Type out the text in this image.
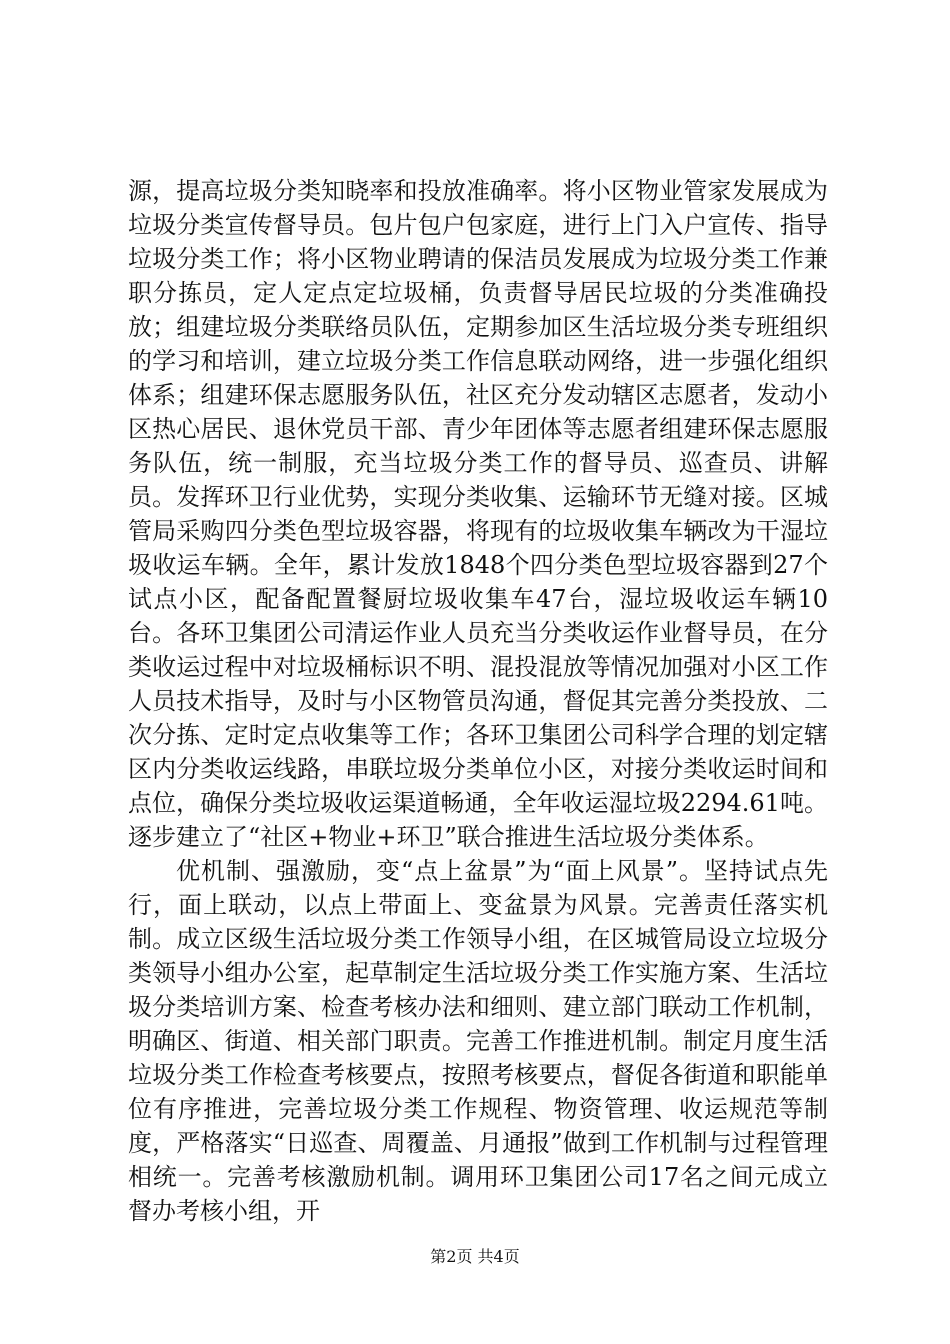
源，提高垃圾分类知晓率和投放准确率。将小区物业管家发展成为垃圾分类宣传督导员。包片包户包家庭，进行上门入户宣传、指导垃圾分类工作；将小区物业聘请的保洁员发展成为垃圾分类工作兼职分拣员，定人定点定垃圾桶，负责督导居民垃圾的分类准确投放；组建垃圾分类联络员队伍，定期参加区生活垃圾分类专班组织的学习和培训，建立垃圾分类工作信息联动网络，进一步强化组织体系；组建环保志愿服务队伍，社区充分发动辖区志愿者，发动小区热心居民、退休党员干部、青少年团体等志愿者组建环保志愿服务队伍，统一制服，充当垃圾分类工作的督导员、巡查员、讲解员。发挥环卫行业优势，实现分类收集、运输环节无缝对接。区城管局采购四分类色型垃圾容器，将现有的垃圾收集车辆改为干湿垃圾收运车辆。全年，累计发放1848个四分类色型垃圾容器到27个试点小区，配备配置餐厨垃圾收集车47台，湿垃圾收运车辆10台。各环卫集团公司清运作业人员充当分类收运作业督导员，在分类收运过程中对垃圾桶标识不明、混投混放等情况加强对小区工作人员技术指导，及时与小区物管员沟通，督促其完善分类投放、二次分拣、定时定点收集等工作；各环卫集团公司科学合理的划定辖区内分类收运线路，串联垃圾分类单位小区，对接分类收运时间和点位，确保分类垃圾收运渠道畅通，全年收运湿垃圾2294.61吨。逐步建立了“社区+物业+环卫”联合推进生活垃圾分类体系。

优机制、强激励，变“点上盆景”为“面上风景”。坚持试点先行，面上联动，以点上带面上、变盆景为风景。完善责任落实机制。成立区级生活垃圾分类工作领导小组，在区城管局设立垃圾分类领导小组办公室，起草制定生活垃圾分类工作实施方案、生活垃圾分类培训方案、检查考核办法和细则、建立部门联动工作机制，明确区、街道、相关部门职责。完善工作推进机制。制定月度生活垃圾分类工作检查考核要点，按照考核要点，督促各街道和职能单位有序推进，完善垃圾分类工作规程、物资管理、收运规范等制度，严格落实“日巡查、周覆盖、月通报”做到工作机制与过程管理相统一。完善考核激励机制。调用环卫集团公司17名之间元成立督办考核小组，开

第2页 共4页
